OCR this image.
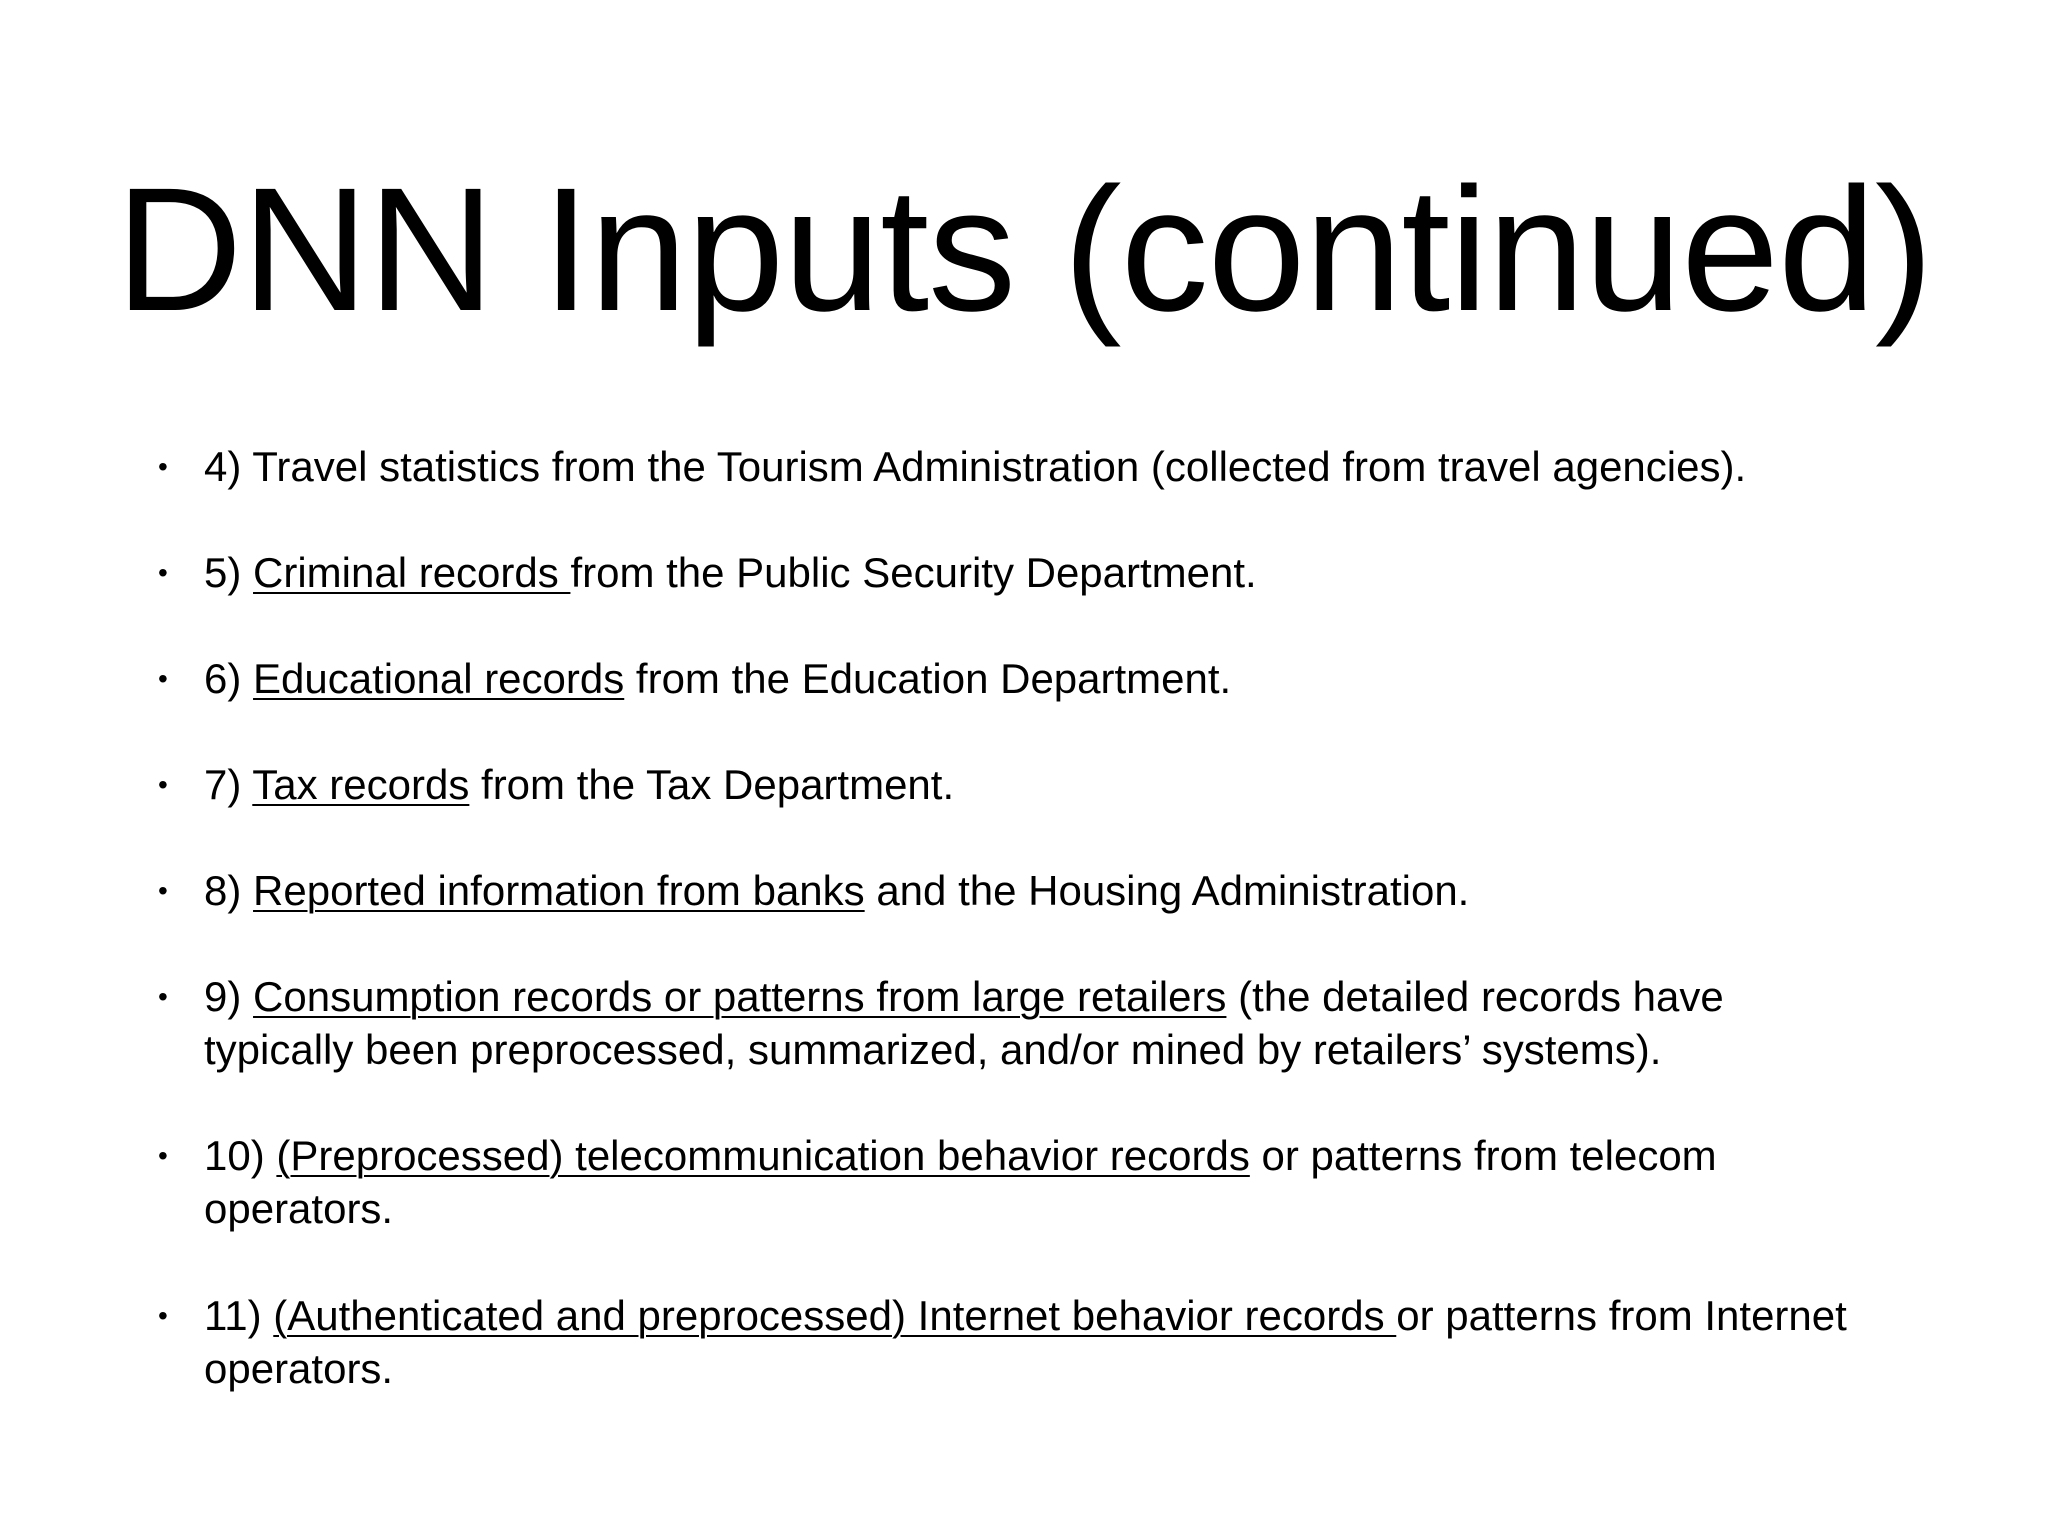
DNN Inputs (continued)
• 4) Travel statistics from the Tourism Administration (collected from travel agencies).
• 5) Criminal records from the Public Security Department.
• 6) Educational records from the Education Department.
• 7) Tax records from the Tax Department.
• 8) Reported information from banks and the Housing Administration.
• 9) Consumption records or patterns from large retailers (the detailed records have typically been preprocessed, summarized, and/or mined by retailers’ systems).
• 10) (Preprocessed) telecommunication behavior records or patterns from telecom operators.
• 11) (Authenticated and preprocessed) Internet behavior records or patterns from Internet operators.
